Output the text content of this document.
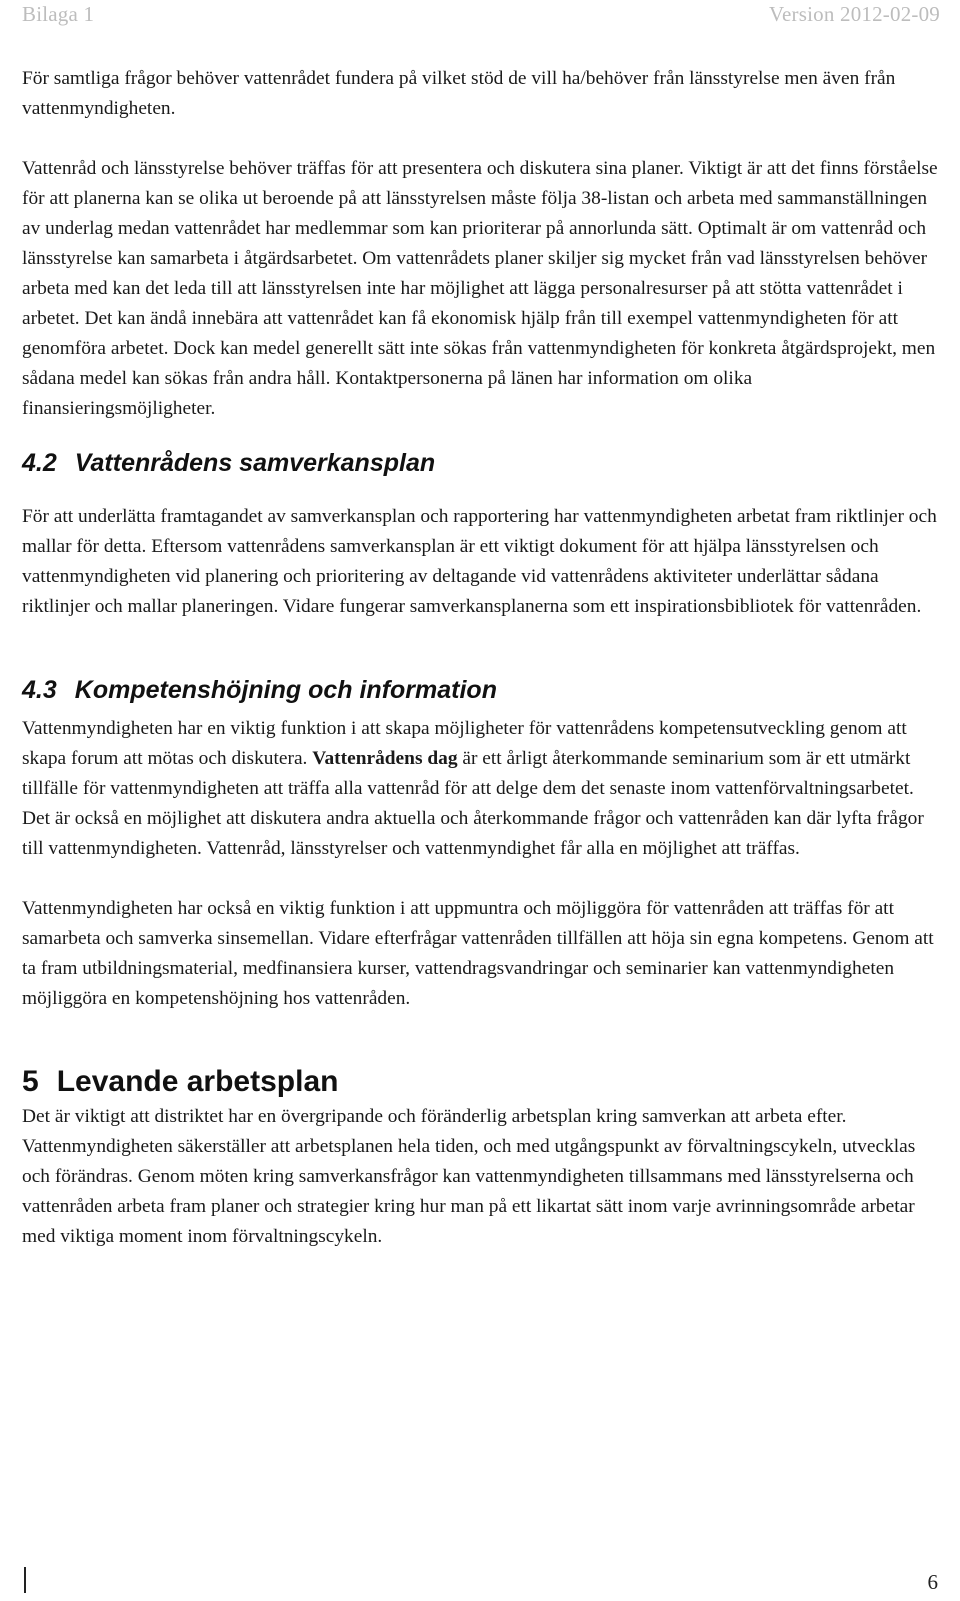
Bilaga 1	Version 2012-02-09

För samtliga frågor behöver vattenrådet fundera på vilket stöd de vill ha/behöver från länsstyrelse men även från vattenmyndigheten.

Vattenråd och länsstyrelse behöver träffas för att presentera och diskutera sina planer. Viktigt är att det finns förståelse för att planerna kan se olika ut beroende på att länsstyrelsen måste följa 38-listan och arbeta med sammanställningen av underlag medan vattenrådet har medlemmar som kan prioriterar på annorlunda sätt. Optimalt är om vattenråd och länsstyrelse kan samarbeta i åtgärdsarbetet. Om vattenrådets planer skiljer sig mycket från vad länsstyrelsen behöver arbeta med kan det leda till att länsstyrelsen inte har möjlighet att lägga personalresurser på att stötta vattenrådet i arbetet. Det kan ändå innebära att vattenrådet kan få ekonomisk hjälp från till exempel vattenmyndigheten för att genomföra arbetet. Dock kan medel generellt sätt inte sökas från vattenmyndigheten för konkreta åtgärdsprojekt, men sådana medel kan sökas från andra håll. Kontaktpersonerna på länen har information om olika finansieringsmöjligheter.

4.2 Vattenrådens samverkansplan

För att underlätta framtagandet av samverkansplan och rapportering har vattenmyndigheten arbetat fram riktlinjer och mallar för detta. Eftersom vattenrådens samverkansplan är ett viktigt dokument för att hjälpa länsstyrelsen och vattenmyndigheten vid planering och prioritering av deltagande vid vattenrådens aktiviteter underlättar sådana riktlinjer och mallar planeringen. Vidare fungerar samverkansplanerna som ett inspirationsbibliotek för vattenråden.

4.3 Kompetenshöjning och information

Vattenmyndigheten har en viktig funktion i att skapa möjligheter för vattenrådens kompetensutveckling genom att skapa forum att mötas och diskutera. Vattenrådens dag är ett årligt återkommande seminarium som är ett utmärkt tillfälle för vattenmyndigheten att träffa alla vattenråd för att delge dem det senaste inom vattenförvaltningsarbetet. Det är också en möjlighet att diskutera andra aktuella och återkommande frågor och vattenråden kan där lyfta frågor till vattenmyndigheten. Vattenråd, länsstyrelser och vattenmyndighet får alla en möjlighet att träffas.

Vattenmyndigheten har också en viktig funktion i att uppmuntra och möjliggöra för vattenråden att träffas för att samarbeta och samverka sinsemellan. Vidare efterfrågar vattenråden tillfällen att höja sin egna kompetens. Genom att ta fram utbildningsmaterial, medfinansiera kurser, vattendragsvandringar och seminarier kan vattenmyndigheten möjliggöra en kompetenshöjning hos vattenråden.

5 Levande arbetsplan

Det är viktigt att distriktet har en övergripande och föränderlig arbetsplan kring samverkan att arbeta efter. Vattenmyndigheten säkerställer att arbetsplanen hela tiden, och med utgångspunkt av förvaltningscykeln, utvecklas och förändras. Genom möten kring samverkansfrågor kan vattenmyndigheten tillsammans med länsstyrelserna och vattenråden arbeta fram planer och strategier kring hur man på ett likartat sätt inom varje avrinningsområde arbetar med viktiga moment inom förvaltningscykeln.

6
